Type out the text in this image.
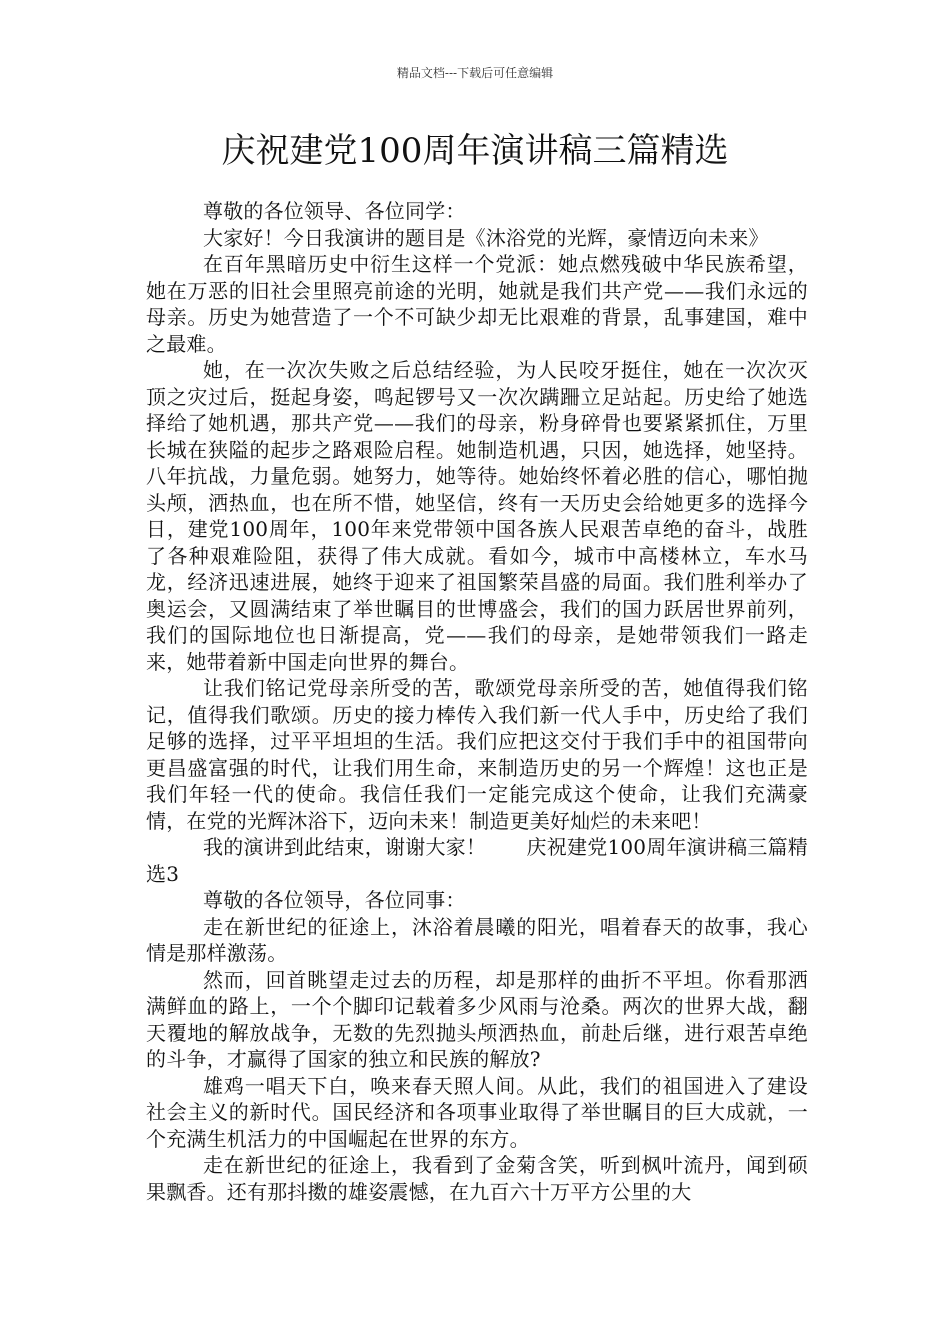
精品文档---下载后可任意编辑
庆祝建党100周年演讲稿三篇精选

尊敬的各位领导、各位同学：

大家好！今日我演讲的题目是《沐浴党的光辉，豪情迈向未来》

在百年黑暗历史中衍生这样一个党派：她点燃残破中华民族希望，她在万恶的旧社会里照亮前途的光明，她就是我们共产党——我们永远的母亲。历史为她营造了一个不可缺少却无比艰难的背景，乱事建国，难中之最难。

她，在一次次失败之后总结经验，为人民咬牙挺住，她在一次次灭顶之灾过后，挺起身姿，鸣起锣号又一次次蹒跚立足站起。历史给了她选择给了她机遇，那共产党——我们的母亲，粉身碎骨也要紧紧抓住，万里长城在狭隘的起步之路艰险启程。她制造机遇，只因，她选择，她坚持。八年抗战，力量危弱。她努力，她等待。她始终怀着必胜的信心，哪怕抛头颅，洒热血，也在所不惜，她坚信，终有一天历史会给她更多的选择今日，建党100周年，100年来党带领中国各族人民艰苦卓绝的奋斗，战胜了各种艰难险阻，获得了伟大成就。看如今，城市中高楼林立，车水马龙，经济迅速进展，她终于迎来了祖国繁荣昌盛的局面。我们胜利举办了奥运会，又圆满结束了举世瞩目的世博盛会，我们的国力跃居世界前列，我们的国际地位也日渐提高，党——我们的母亲，是她带领我们一路走来，她带着新中国走向世界的舞台。

让我们铭记党母亲所受的苦，歌颂党母亲所受的苦，她值得我们铭记，值得我们歌颂。历史的接力棒传入我们新一代人手中，历史给了我们足够的选择，过平平坦坦的生活。我们应把这交付于我们手中的祖国带向更昌盛富强的时代，让我们用生命，来制造历史的另一个辉煌！这也正是我们年轻一代的使命。我信任我们一定能完成这个使命，让我们充满豪情，在党的光辉沐浴下，迈向未来！制造更美好灿烂的未来吧！

我的演讲到此结束，谢谢大家！　　庆祝建党100周年演讲稿三篇精选3

尊敬的各位领导，各位同事：

走在新世纪的征途上，沐浴着晨曦的阳光，唱着春天的故事，我心情是那样激荡。

然而，回首眺望走过去的历程，却是那样的曲折不平坦。你看那洒满鲜血的路上，一个个脚印记载着多少风雨与沧桑。两次的世界大战，翻天覆地的解放战争，无数的先烈抛头颅洒热血，前赴后继，进行艰苦卓绝的斗争，才赢得了国家的独立和民族的解放?

雄鸡一唱天下白，唤来春天照人间。从此，我们的祖国进入了建设社会主义的新时代。国民经济和各项事业取得了举世瞩目的巨大成就，一个充满生机活力的中国崛起在世界的东方。

走在新世纪的征途上，我看到了金菊含笑，听到枫叶流丹，闻到硕果飘香。还有那抖擞的雄姿震憾，在九百六十万平方公里的大
